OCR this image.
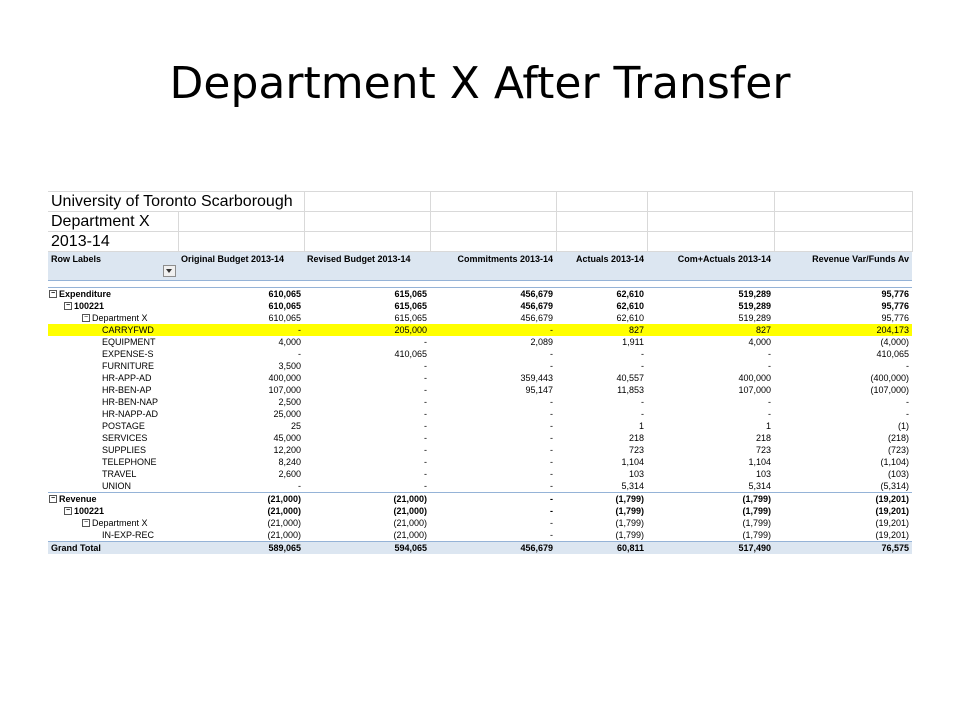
Department X After Transfer
University of Toronto Scarborough						
Department X						
2013-14						
Row Labels	Original Budget 2013-14	Revised Budget 2013-14	Commitments 2013-14	Actuals 2013-14	Com+Actuals 2013-14	Revenue Var/Funds Av

− Expenditure	610,065	615,065	456,679	62,610	519,289	95,776
− 100221	610,065	615,065	456,679	62,610	519,289	95,776
− Department X	610,065	615,065	456,679	62,610	519,289	95,776
CARRYFWD	-	205,000	-	827	827	204,173
EQUIPMENT	4,000	-	2,089	1,911	4,000	(4,000)
EXPENSE-S	-	410,065	-	-	-	410,065
FURNITURE	3,500	-	-	-	-	-
HR-APP-AD	400,000	-	359,443	40,557	400,000	(400,000)
HR-BEN-AP	107,000	-	95,147	11,853	107,000	(107,000)
HR-BEN-NAP	2,500	-	-	-	-	-
HR-NAPP-AD	25,000	-	-	-	-	-
POSTAGE	25	-	-	1	1	(1)
SERVICES	45,000	-	-	218	218	(218)
SUPPLIES	12,200	-	-	723	723	(723)
TELEPHONE	8,240	-	-	1,104	1,104	(1,104)
TRAVEL	2,600	-	-	103	103	(103)
UNION	-	-	-	5,314	5,314	(5,314)
− Revenue	(21,000)	(21,000)	-	(1,799)	(1,799)	(19,201)
− 100221	(21,000)	(21,000)	-	(1,799)	(1,799)	(19,201)
− Department X	(21,000)	(21,000)	-	(1,799)	(1,799)	(19,201)
IN-EXP-REC	(21,000)	(21,000)	-	(1,799)	(1,799)	(19,201)
Grand Total	589,065	594,065	456,679	60,811	517,490	76,575
